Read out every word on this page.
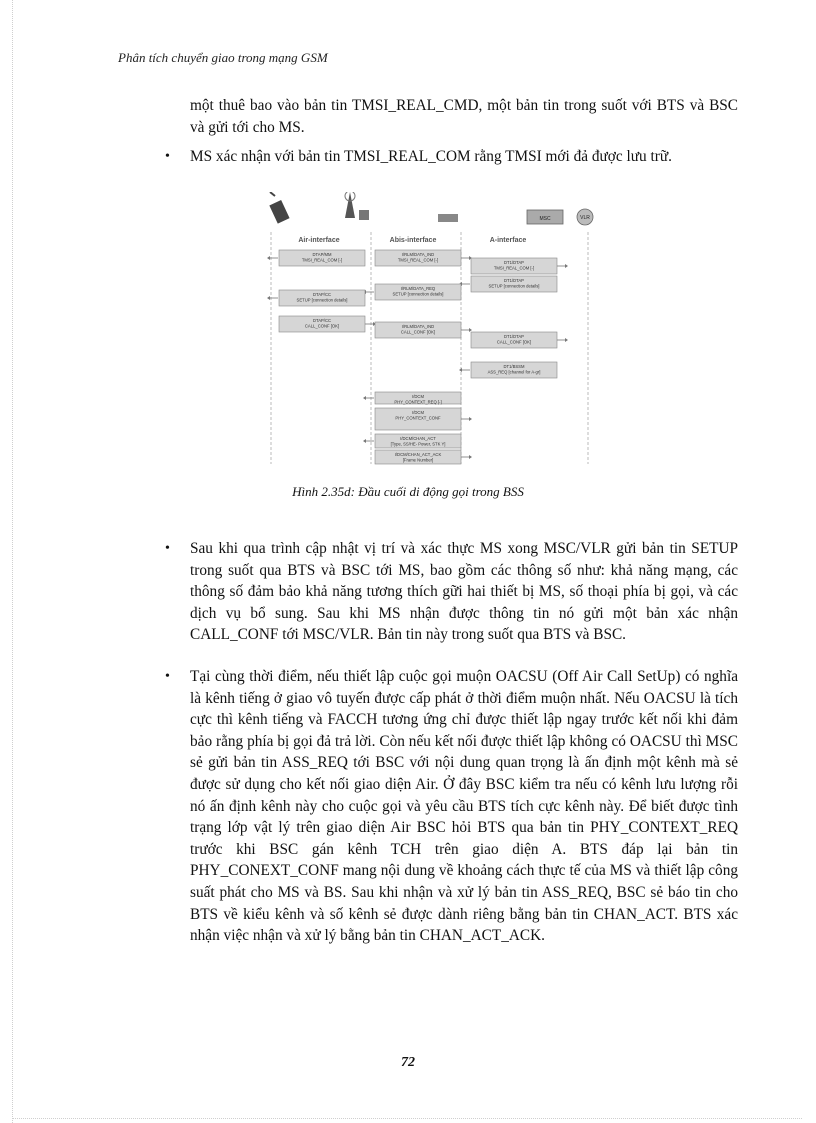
Phân tích chuyển giao trong mạng GSM
một thuê bao vào bản tin TMSI_REAL_CMD, một bản tin trong suốt với BTS và BSC và gửi tới cho MS.
• MS xác nhận với bản tin TMSI_REAL_COM rằng TMSI mới đả được lưu trữ.
MSC	VLR
Air-interface	Abis-interface	A-interface
DTAP/MM
TMSI_REAL_COM [-]
I/RLM/DATA_IND
TMSI_REAL_COM [-]	DT1/DTAP
TMSI_REAL_COM [-]
DT1/DTAP
SETUP [connection details]
I/RLM/DATA_REQ
SETUP [connection details]
DTAP/CC
SETUP [connection details]
DTAP/CC
CALL_CONF [OK]	I/RLM/DATA_IND
CALL_CONF [OK]
DT1/DTAP
CALL_CONF [OK]
DT1/BSSM
ASS_REQ [channel for A-gr]
I/DCM
PHY_CONTEXT_REQ [-]
I/DCM
PHY_CONTEXT_CONF
I/DCM/CHAN_ACT
[Type, SS/HE- Power, STK Y]
I/DCM/CHAN_ACT_ACK
[Frame Number]
Hình 2.35d: Đầu cuối di động gọi trong BSS
• Sau khi qua trình cập nhật vị trí và xác thực MS xong MSC/VLR gửi bản tin SETUP trong suốt qua BTS và BSC tới MS, bao gồm các thông số như: khả năng mạng, các thông số đảm bảo khả năng tương thích gữi hai thiết bị MS, số thoại phía bị gọi, và các dịch vụ bổ sung. Sau khi MS nhận được thông tin nó gửi một bản xác nhận CALL_CONF tới MSC/VLR. Bản tin này trong suốt qua BTS và BSC.
• Tại cùng thời điểm, nếu thiết lập cuộc gọi muộn OACSU (Off Air Call SetUp) có nghĩa là kênh tiếng ở giao vô tuyến được cấp phát ở thời điểm muộn nhất. Nếu OACSU là tích cực thì kênh tiếng và FACCH tương ứng chỉ được thiết lập ngay trước kết nối khi đảm bảo rằng phía bị gọi đả trả lời. Còn nếu kết nối được thiết lập không có OACSU thì MSC sẻ gửi bản tin ASS_REQ tới BSC với nội dung quan trọng là ấn định một kênh mà sẻ được sử dụng cho kết nối giao diện Air. Ở đây BSC kiểm tra nếu có kênh lưu lượng rỗi nó ấn định kênh này cho cuộc gọi và yêu cầu BTS tích cực kênh này. Để biết được tình trạng lớp vật lý trên giao diện Air BSC hỏi BTS qua bản tin PHY_CONTEXT_REQ trước khi BSC gán kênh TCH trên giao diện A. BTS đáp lại bản tin PHY_CONEXT_CONF mang nội dung về khoảng cách thực tế của MS và thiết lập công suất phát cho MS và BS. Sau khi nhận và xử lý bản tin ASS_REQ, BSC sẻ báo tin cho BTS về kiểu kênh và số kênh sẻ được dành riêng bằng bản tin CHAN_ACT. BTS xác nhận việc nhận và xử lý bằng bản tin CHAN_ACT_ACK.
72
